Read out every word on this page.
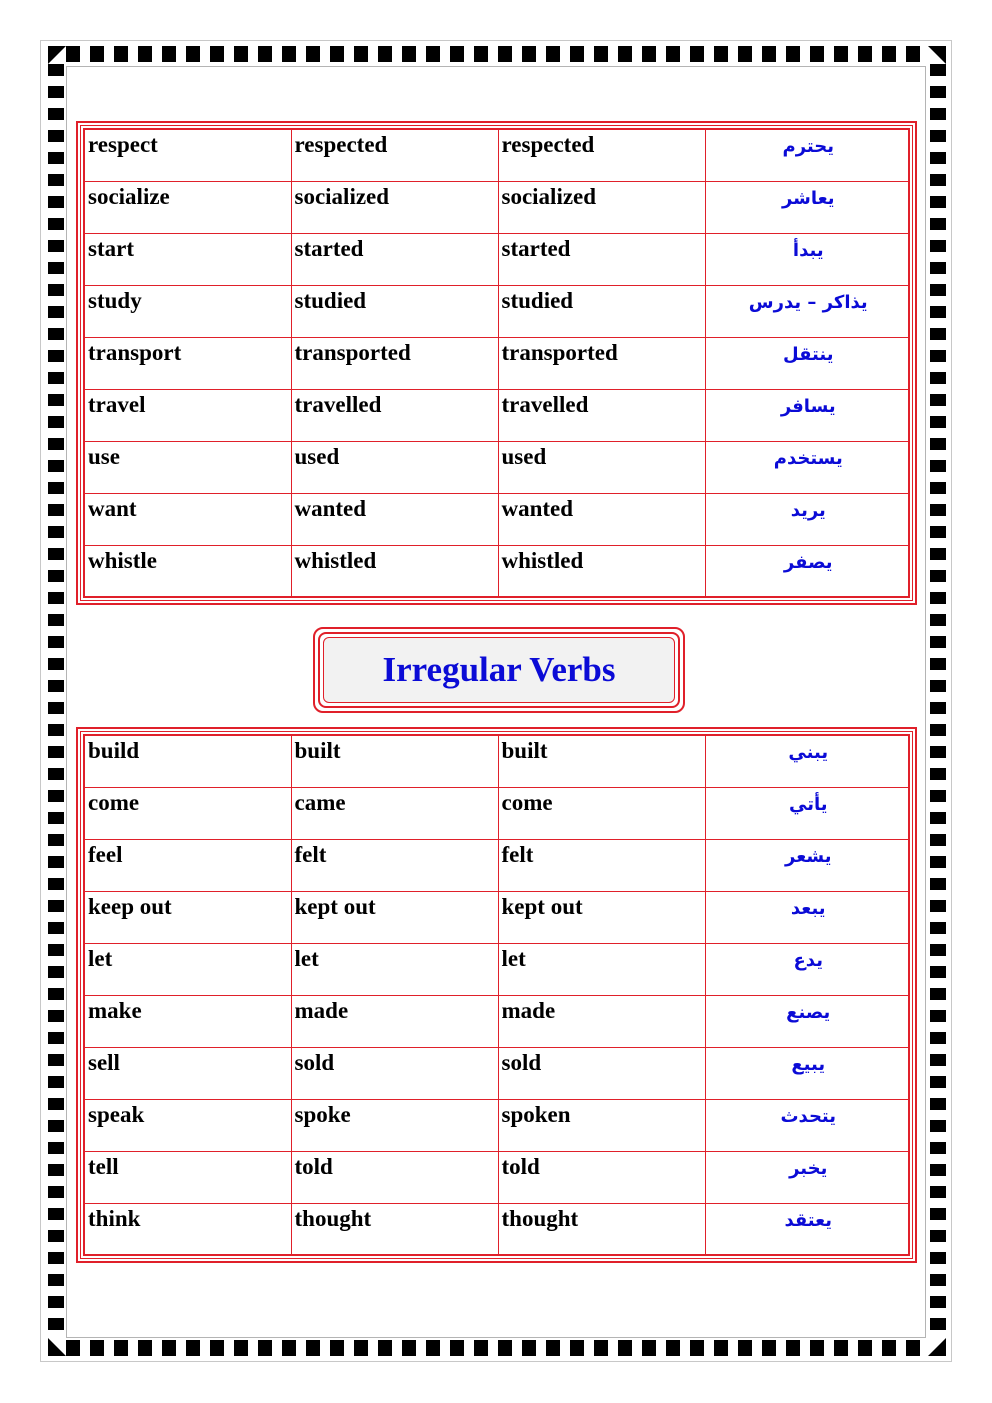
respect	respected	respected	يحترم
socialize	socialized	socialized	يعاشر
start	started	started	يبدأ
study	studied	studied	يذاكر – يدرس
transport	transported	transported	ينتقل
travel	travelled	travelled	يسافر
use	used	used	يستخدم
want	wanted	wanted	يريد
whistle	whistled	whistled	يصفر
Irregular Verbs
build	built	built	يبني
come	came	come	يأتي
feel	felt	felt	يشعر
keep out	kept out	kept out	يبعد
let	let	let	يدع
make	made	made	يصنع
sell	sold	sold	يبيع
speak	spoke	spoken	يتحدث
tell	told	told	يخبر
think	thought	thought	يعتقد
